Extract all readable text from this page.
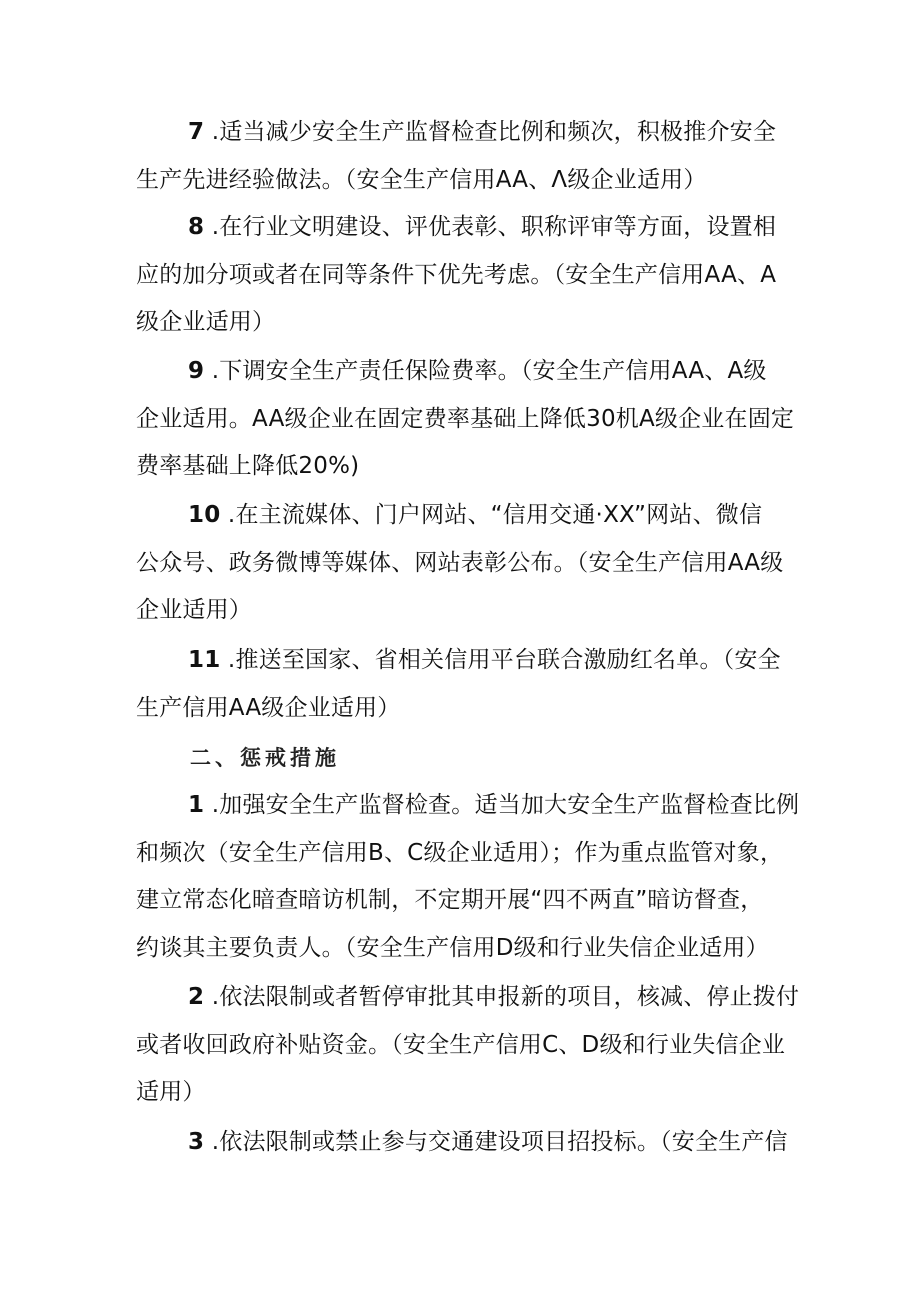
7 .适当减少安全生产监督检查比例和频次，积极推介安全
生产先进经验做法。（安全生产信用AA、Λ级企业适用）

8 .在行业文明建设、评优表彰、职称评审等方面，设置相
应的加分项或者在同等条件下优先考虑。（安全生产信用AA、A
级企业适用）

9 .下调安全生产责任保险费率。（安全生产信用AA、A级
企业适用。AA级企业在固定费率基础上降低30机A级企业在固定
费率基础上降低20%)

10 .在主流媒体、门户网站、“信用交通·XX”网站、微信
公众号、政务微博等媒体、网站表彰公布。（安全生产信用AA级
企业适用）

11 .推送至国家、省相关信用平台联合激励红名单。（安全
生产信用AA级企业适用）

二、惩戒措施

1 .加强安全生产监督检查。适当加大安全生产监督检查比例
和频次（安全生产信用B、C级企业适用）；作为重点监管对象，
建立常态化暗查暗访机制，不定期开展“四不两直”暗访督查，
约谈其主要负责人。（安全生产信用D级和行业失信企业适用）

2 .依法限制或者暂停审批其申报新的项目，核减、停止拨付
或者收回政府补贴资金。（安全生产信用C、D级和行业失信企业
适用）

3 .依法限制或禁止参与交通建设项目招投标。（安全生产信
